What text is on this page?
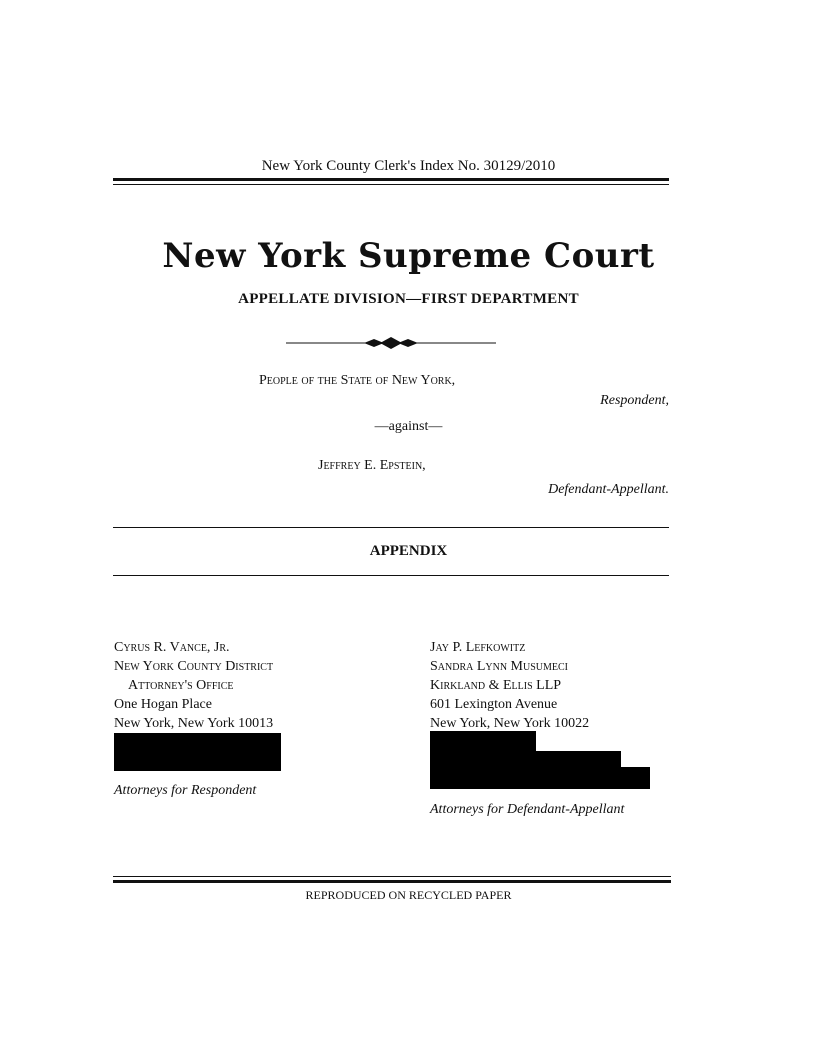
New York County Clerk's Index No. 30129/2010
New York Supreme Court
APPELLATE DIVISION—FIRST DEPARTMENT
People of the State of New York,
Respondent,
—against—
Jeffrey E. Epstein,
Defendant-Appellant.
APPENDIX
Cyrus R. Vance, Jr.
New York County District
Attorney's Office
One Hogan Place
New York, New York 10013
Attorneys for Respondent
Jay P. Lefkowitz
Sandra Lynn Musumeci
Kirkland & Ellis LLP
601 Lexington Avenue
New York, New York 10022
Attorneys for Defendant-Appellant
REPRODUCED ON RECYCLED PAPER
